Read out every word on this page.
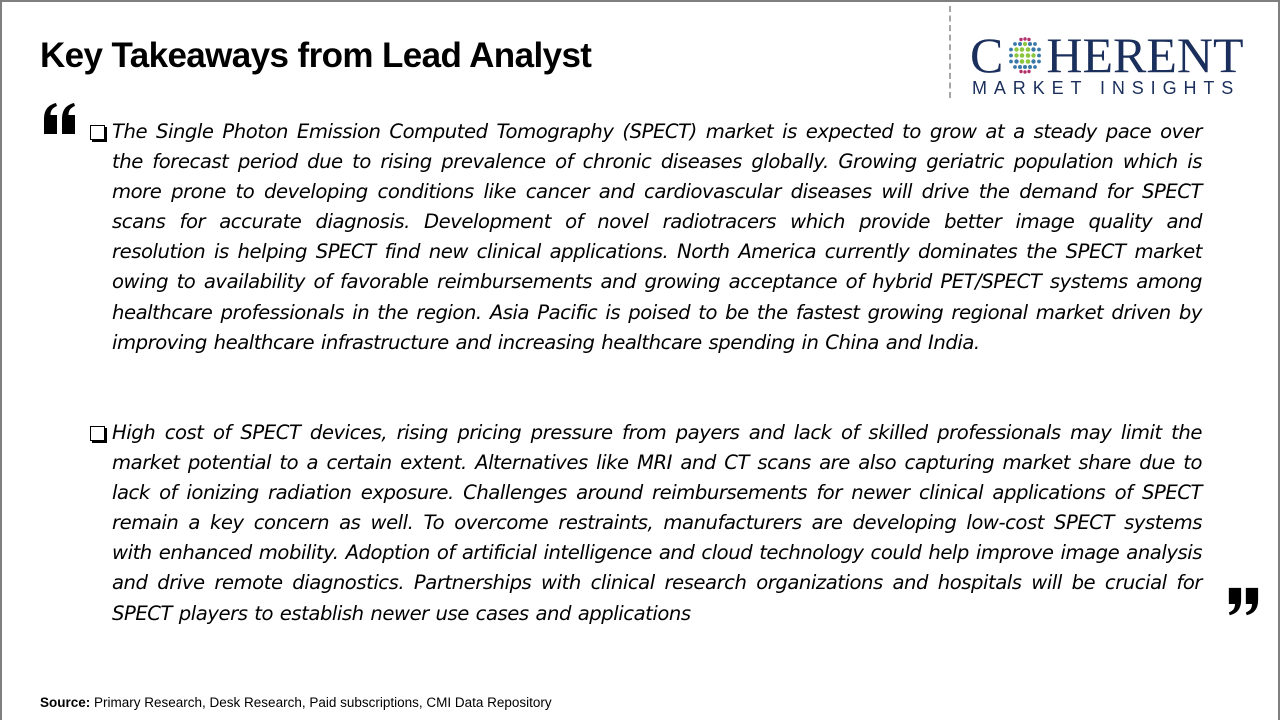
Key Takeaways from Lead Analyst	C HERENT
MARKET INSIGHTS
The Single Photon Emission Computed Tomography (SPECT) market is expected to grow at a steady pace over the forecast period due to rising prevalence of chronic diseases globally. Growing geriatric population which is more prone to developing conditions like cancer and cardiovascular diseases will drive the demand for SPECT scans for accurate diagnosis. Development of novel radiotracers which provide better image quality and resolution is helping SPECT find new clinical applications. North America currently dominates the SPECT market owing to availability of favorable reimbursements and growing acceptance of hybrid PET/SPECT systems among healthcare professionals in the region. Asia Pacific is poised to be the fastest growing regional market driven by improving healthcare infrastructure and increasing healthcare spending in China and India.
High cost of SPECT devices, rising pricing pressure from payers and lack of skilled professionals may limit the market potential to a certain extent. Alternatives like MRI and CT scans are also capturing market share due to lack of ionizing radiation exposure. Challenges around reimbursements for newer clinical applications of SPECT remain a key concern as well. To overcome restraints, manufacturers are developing low-cost SPECT systems with enhanced mobility. Adoption of artificial intelligence and cloud technology could help improve image analysis and drive remote diagnostics. Partnerships with clinical research organizations and hospitals will be crucial for SPECT players to establish newer use cases and applications
Source: Primary Research, Desk Research, Paid subscriptions, CMI Data Repository
